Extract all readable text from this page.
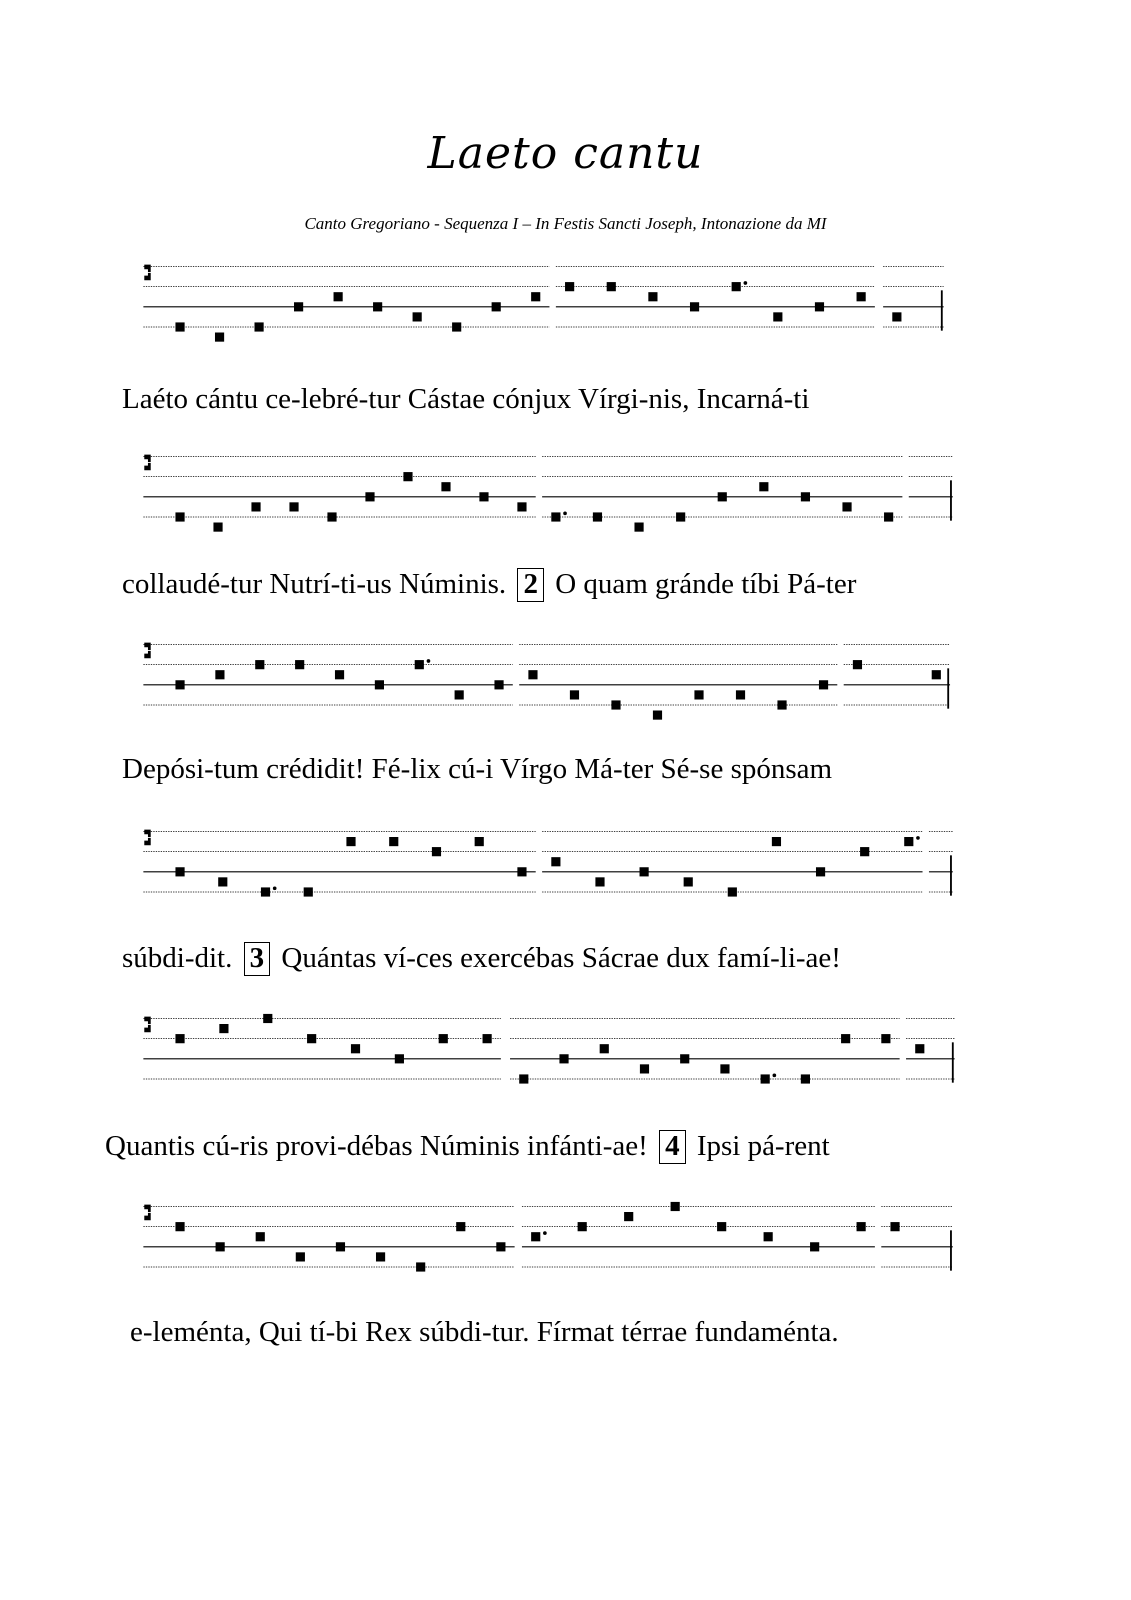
Laeto cantu
Canto Gregoriano - Sequenza I – In Festis Sancti Joseph, Intonazione da MI
Laéto cántu ce-lebré-tur Cástae cónjux Vírgi-nis, Incarná-ti
collaudé-tur Nutrí-ti-us Núminis. 2 O quam gránde tíbi Pá-ter
Depósi-tum crédidit! Fé-lix cú-i Vírgo Má-ter Sé-se spónsam
súbdi-dit. 3 Quántas ví-ces exercébas Sácrae dux famí-li-ae!
Quantis cú-ris provi-débas Núminis infánti-ae! 4 Ipsi pá-rent
e-leménta, Qui tí-bi Rex súbdi-tur. Fírmat térrae fundaménta.
